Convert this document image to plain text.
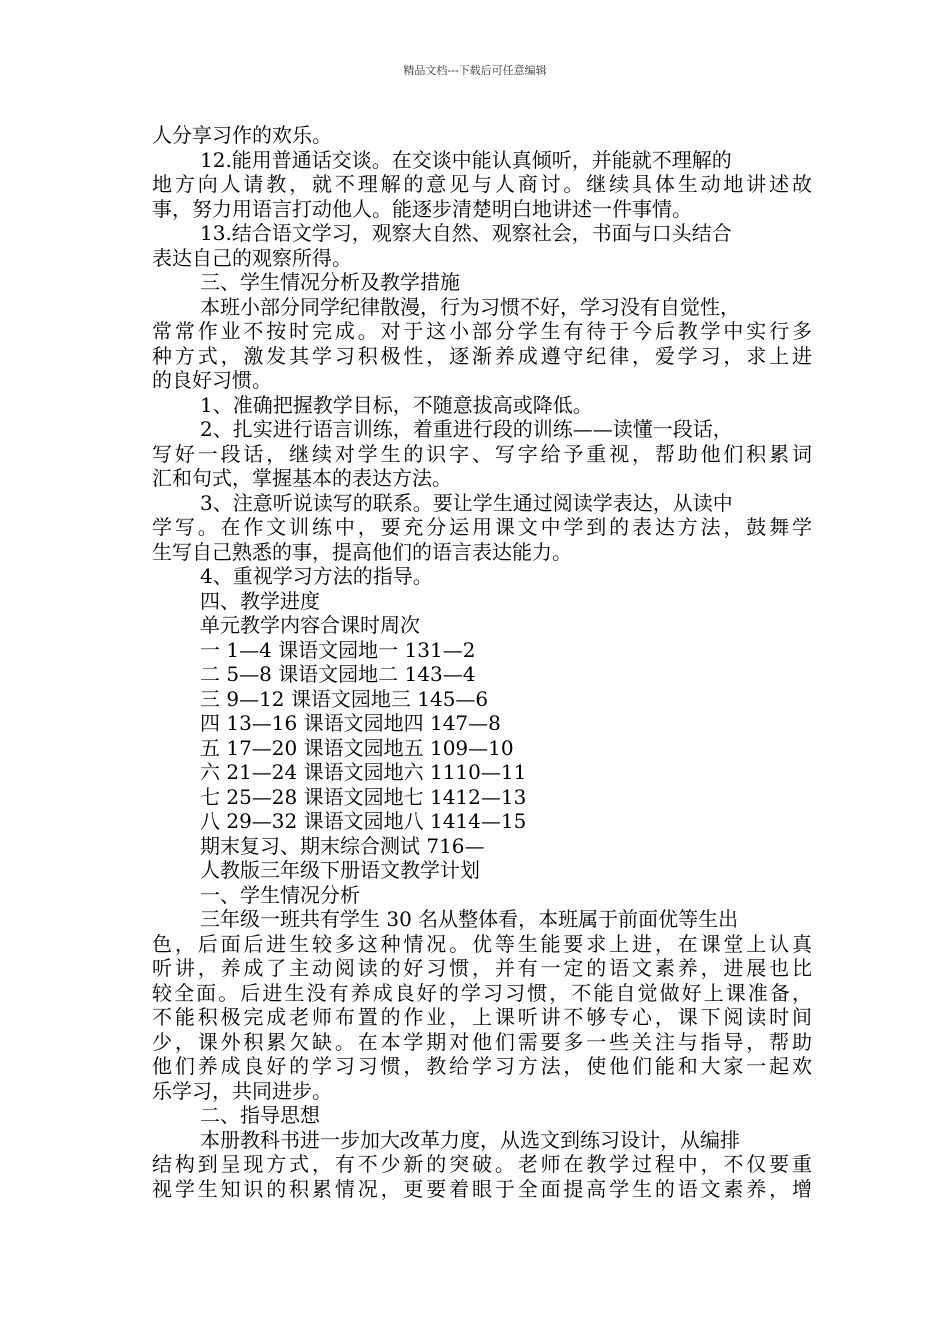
精品文档---下载后可任意编辑
人分享习作的欢乐。
12.能用普通话交谈。在交谈中能认真倾听，并能就不理解的
地方向人请教，就不理解的意见与人商讨。继续具体生动地讲述故
事，努力用语言打动他人。能逐步清楚明白地讲述一件事情。
13.结合语文学习，观察大自然、观察社会，书面与口头结合
表达自己的观察所得。
三、学生情况分析及教学措施
本班小部分同学纪律散漫，行为习惯不好，学习没有自觉性，
常常作业不按时完成。对于这小部分学生有待于今后教学中实行多
种方式，激发其学习积极性，逐渐养成遵守纪律，爱学习，求上进
的良好习惯。
1、准确把握教学目标，不随意拔高或降低。
2、扎实进行语言训练，着重进行段的训练——读懂一段话，
写好一段话，继续对学生的识字、写字给予重视，帮助他们积累词
汇和句式，掌握基本的表达方法。
3、注意听说读写的联系。要让学生通过阅读学表达，从读中
学写。在作文训练中，要充分运用课文中学到的表达方法，鼓舞学
生写自己熟悉的事，提高他们的语言表达能力。
4、重视学习方法的指导。
四、教学进度
单元教学内容合课时周次
一 1—4 课语文园地一 131—2
二 5—8 课语文园地二 143—4
三 9—12 课语文园地三 145—6
四 13—16 课语文园地四 147—8
五 17—20 课语文园地五 109—10
六 21—24 课语文园地六 1110—11
七 25—28 课语文园地七 1412—13
八 29—32 课语文园地八 1414—15
期末复习、期末综合测试 716—
人教版三年级下册语文教学计划
一、学生情况分析
三年级一班共有学生 30 名从整体看，本班属于前面优等生出
色，后面后进生较多这种情况。优等生能要求上进，在课堂上认真
听讲，养成了主动阅读的好习惯，并有一定的语文素养，进展也比
较全面。后进生没有养成良好的学习习惯，不能自觉做好上课准备，
不能积极完成老师布置的作业，上课听讲不够专心，课下阅读时间
少，课外积累欠缺。在本学期对他们需要多一些关注与指导，帮助
他们养成良好的学习习惯，教给学习方法，使他们能和大家一起欢
乐学习，共同进步。
二、指导思想
本册教科书进一步加大改革力度，从选文到练习设计，从编排
结构到呈现方式，有不少新的突破。老师在教学过程中，不仅要重
视学生知识的积累情况，更要着眼于全面提高学生的语文素养，增
